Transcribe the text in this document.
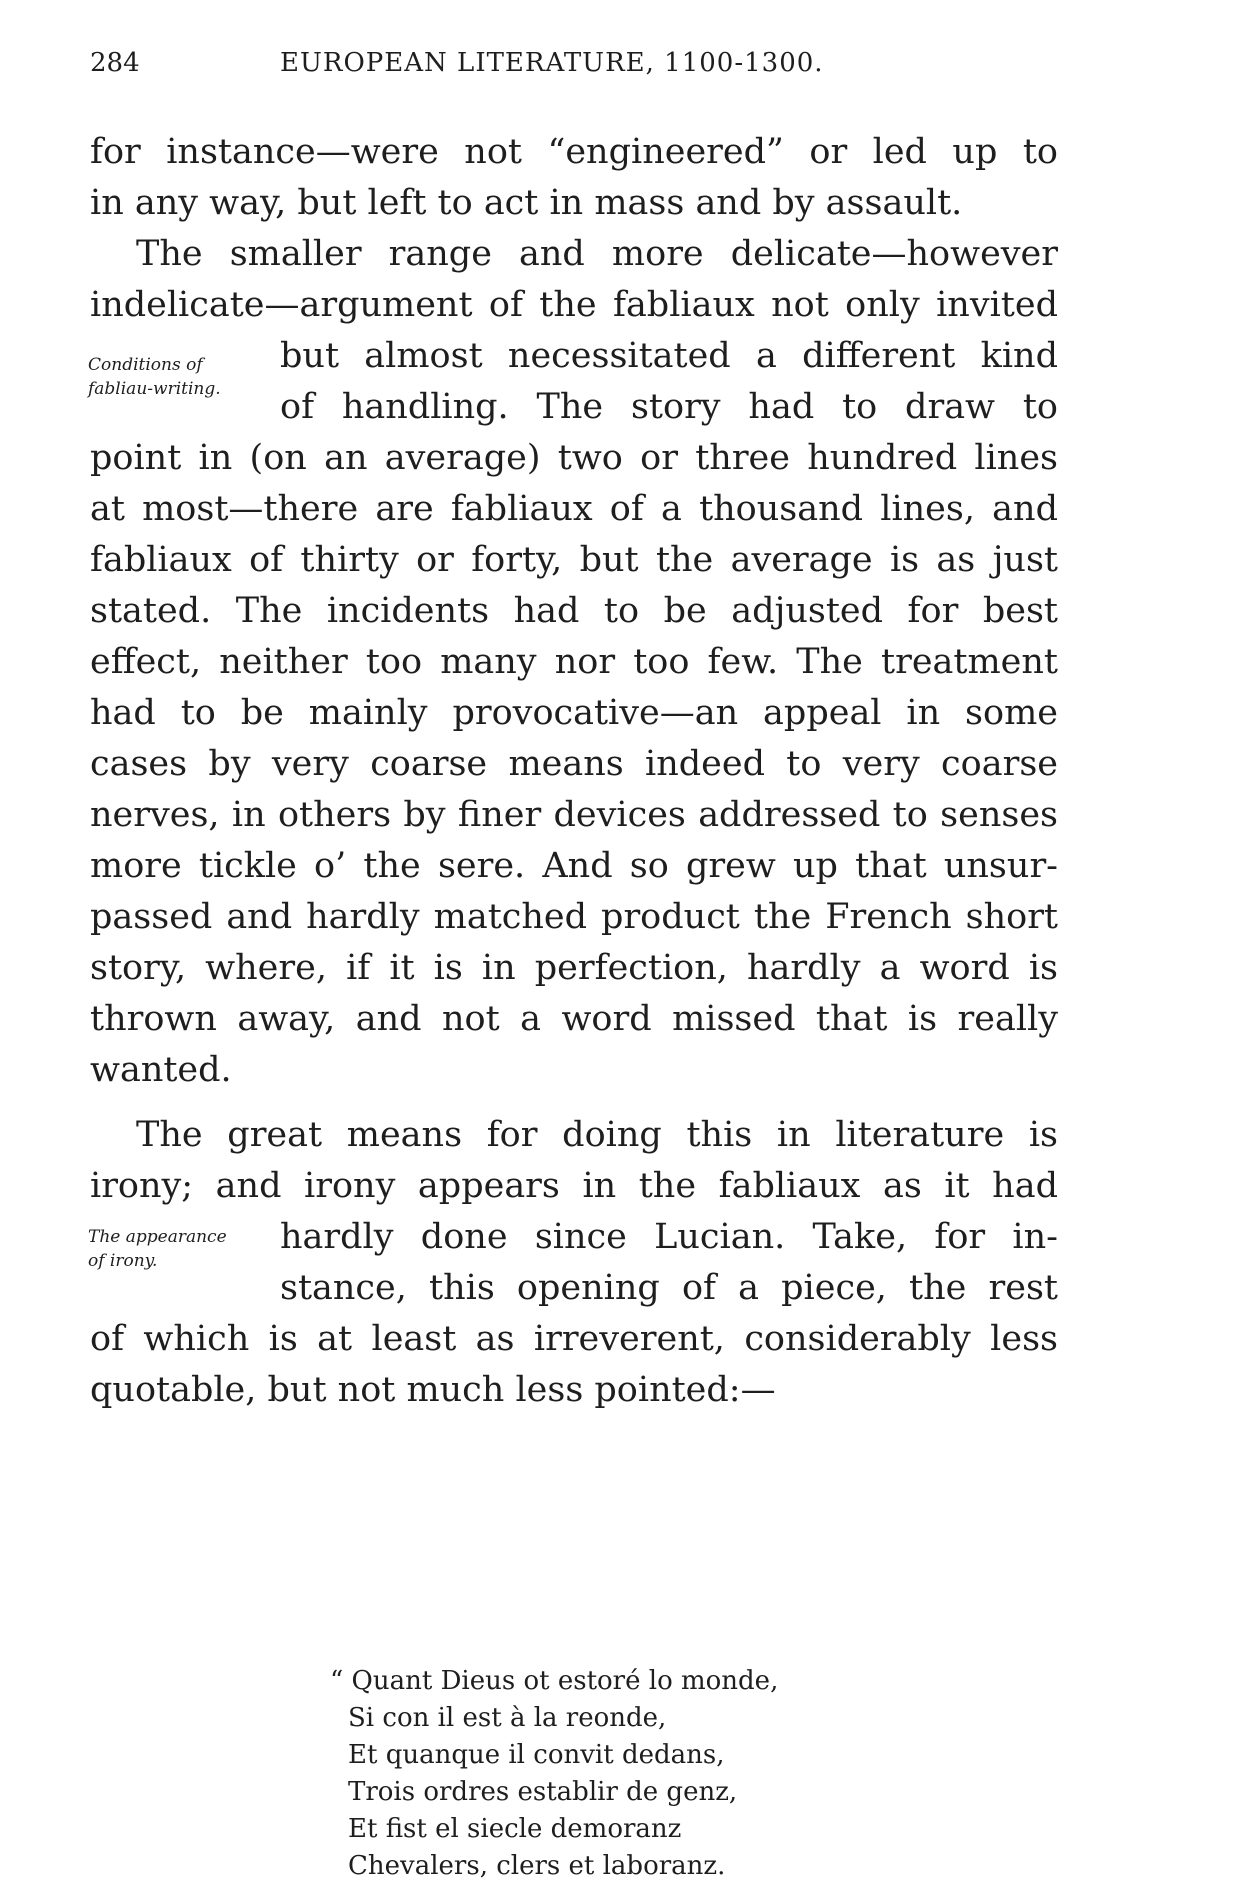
284	EUROPEAN LITERATURE, 1100-1300.
for instance—were not “engineered” or led up to
in any way, but left to act in mass and by assault.
The smaller range and more delicate—however
indelicate—argument of the fabliaux not only invited
but almost necessitated a different kind
of handling. The story had to draw to
point in (on an average) two or three hundred lines
at most—there are fabliaux of a thousand lines, and
fabliaux of thirty or forty, but the average is as just
stated. The incidents had to be adjusted for best
effect, neither too many nor too few. The treatment
had to be mainly provocative—an appeal in some
cases by very coarse means indeed to very coarse
nerves, in others by finer devices addressed to senses
more tickle o’ the sere. And so grew up that unsur-
passed and hardly matched product the French short
story, where, if it is in perfection, hardly a word is
thrown away, and not a word missed that is really
wanted.
The great means for doing this in literature is
irony; and irony appears in the fabliaux as it had
hardly done since Lucian. Take, for in-
stance, this opening of a piece, the rest
of which is at least as irreverent, considerably less
quotable, but not much less pointed:—
Conditions of
fabliau-writing.
The appearance
of irony.
“ Quant Dieus ot estoré lo monde,
Si con il est à la reonde,
Et quanque il convit dedans,
Trois ordres establir de genz,
Et fist el siecle demoranz
Chevalers, clers et laboranz.
